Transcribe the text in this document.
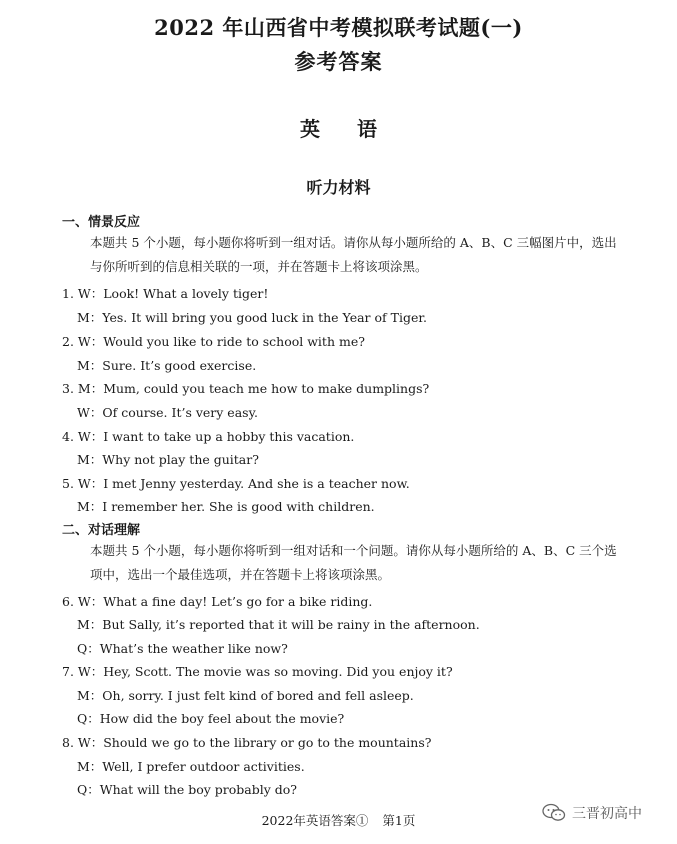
2022 年山西省中考模拟联考试题(一)
参考答案
英 语
听力材料
一、情景反应
本题共 5 个小题，每小题你将听到一组对话。请你从每小题所给的 A、B、C 三幅图片中，选出与你所听到的信息相关联的一项，并在答题卡上将该项涂黑。
1. W：Look! What a lovely tiger!
M：Yes. It will bring you good luck in the Year of Tiger.
2. W：Would you like to ride to school with me?
M：Sure. It’s good exercise.
3. M：Mum, could you teach me how to make dumplings?
W：Of course. It’s very easy.
4. W：I want to take up a hobby this vacation.
M：Why not play the guitar?
5. W：I met Jenny yesterday. And she is a teacher now.
M：I remember her. She is good with children.
二、对话理解
本题共 5 个小题，每小题你将听到一组对话和一个问题。请你从每小题所给的 A、B、C 三个选项中，选出一个最佳选项，并在答题卡上将该项涂黑。
6. W：What a fine day! Let’s go for a bike riding.
M：But Sally, it’s reported that it will be rainy in the afternoon.
Q：What’s the weather like now?
7. W：Hey, Scott. The movie was so moving. Did you enjoy it?
M：Oh, sorry. I just felt kind of bored and fell asleep.
Q：How did the boy feel about the movie?
8. W：Should we go to the library or go to the mountains?
M：Well, I prefer outdoor activities.
Q：What will the boy probably do?
2022年英语答案① 第1页	三晋初高中
